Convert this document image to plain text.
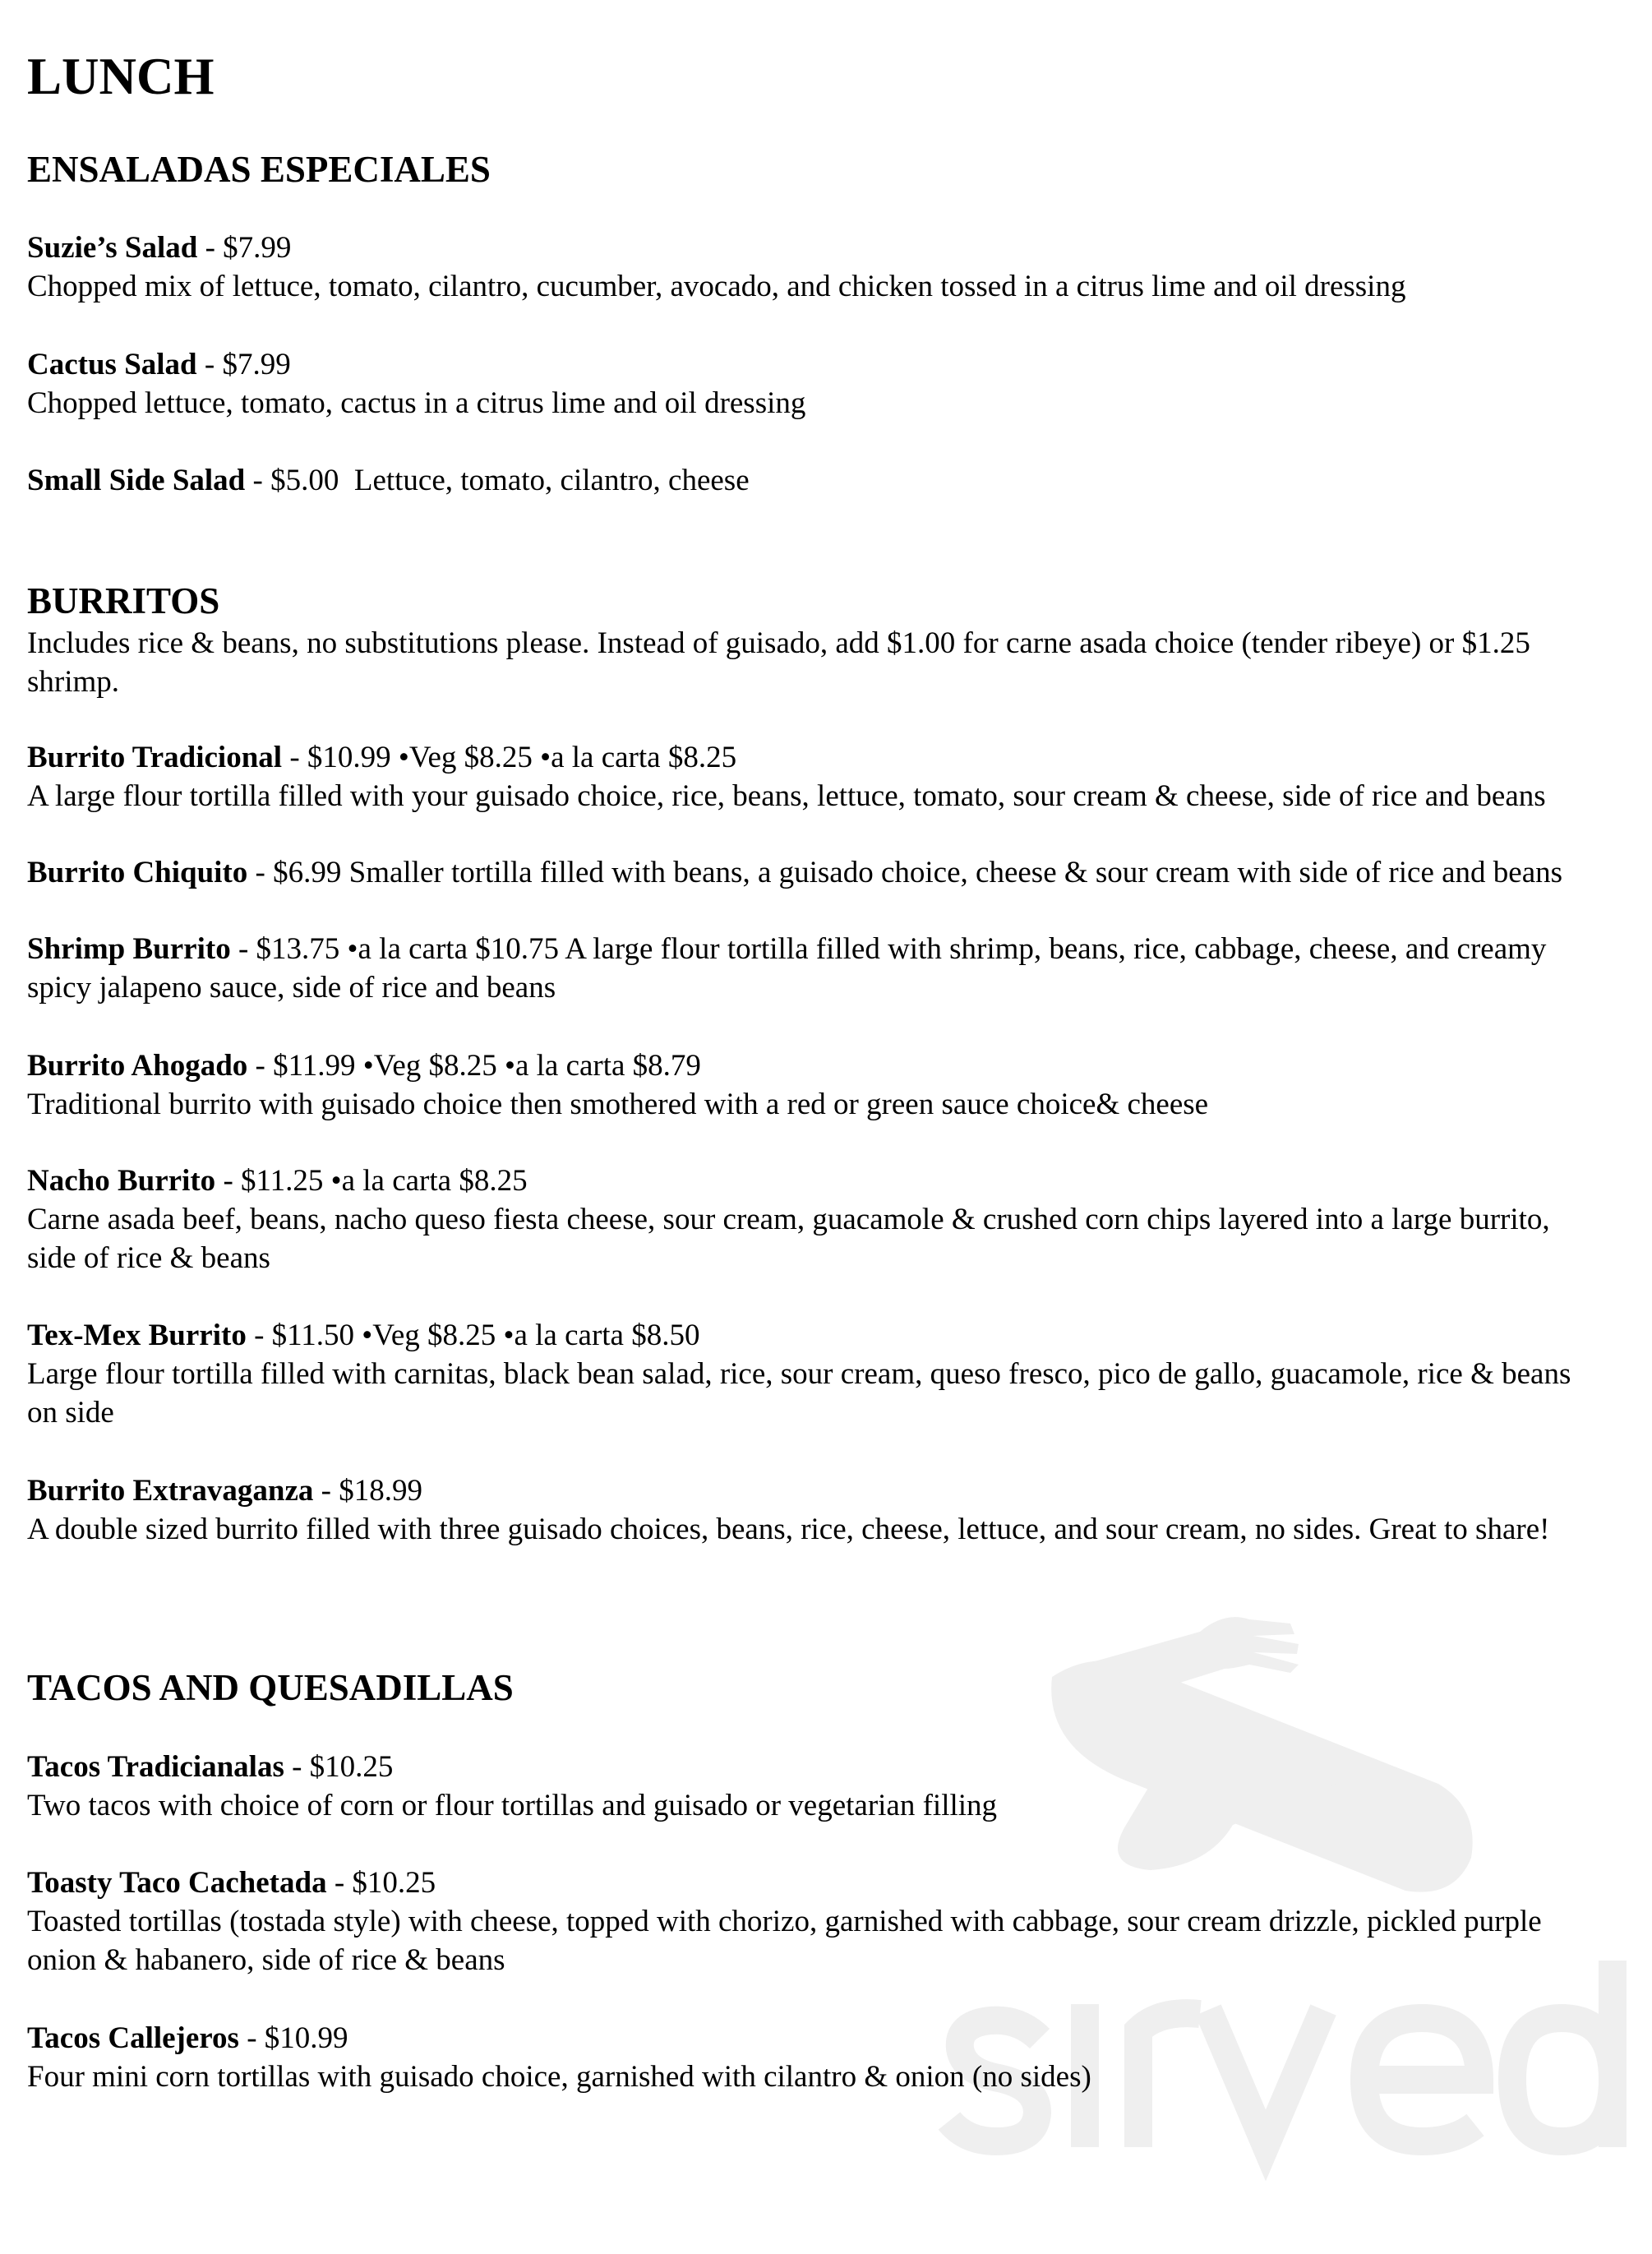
LUNCH
ENSALADAS ESPECIALES
Suzie’s Salad - $7.99
Chopped mix of lettuce, tomato, cilantro, cucumber, avocado, and chicken tossed in a citrus lime and oil dressing
Cactus Salad - $7.99
Chopped lettuce, tomato, cactus in a citrus lime and oil dressing
Small Side Salad - $5.00 Lettuce, tomato, cilantro, cheese
BURRITOS
Includes rice & beans, no substitutions please. Instead of guisado, add $1.00 for carne asada choice (tender ribeye) or $1.25 shrimp.
Burrito Tradicional - $10.99 •Veg $8.25 •a la carta $8.25
A large flour tortilla filled with your guisado choice, rice, beans, lettuce, tomato, sour cream & cheese, side of rice and beans
Burrito Chiquito - $6.99 Smaller tortilla filled with beans, a guisado choice, cheese & sour cream with side of rice and beans
Shrimp Burrito - $13.75 •a la carta $10.75 A large flour tortilla filled with shrimp, beans, rice, cabbage, cheese, and creamy spicy jalapeno sauce, side of rice and beans
Burrito Ahogado - $11.99 •Veg $8.25 •a la carta $8.79
Traditional burrito with guisado choice then smothered with a red or green sauce choice& cheese
Nacho Burrito - $11.25 •a la carta $8.25
Carne asada beef, beans, nacho queso fiesta cheese, sour cream, guacamole & crushed corn chips layered into a large burrito, side of rice & beans
Tex-Mex Burrito - $11.50 •Veg $8.25 •a la carta $8.50
Large flour tortilla filled with carnitas, black bean salad, rice, sour cream, queso fresco, pico de gallo, guacamole, rice & beans on side
Burrito Extravaganza - $18.99
A double sized burrito filled with three guisado choices, beans, rice, cheese, lettuce, and sour cream, no sides. Great to share!
TACOS AND QUESADILLAS
Tacos Tradicianalas - $10.25
Two tacos with choice of corn or flour tortillas and guisado or vegetarian filling
Toasty Taco Cachetada - $10.25
Toasted tortillas (tostada style) with cheese, topped with chorizo, garnished with cabbage, sour cream drizzle, pickled purple onion & habanero, side of rice & beans
Tacos Callejeros - $10.99
Four mini corn tortillas with guisado choice, garnished with cilantro & onion (no sides)
